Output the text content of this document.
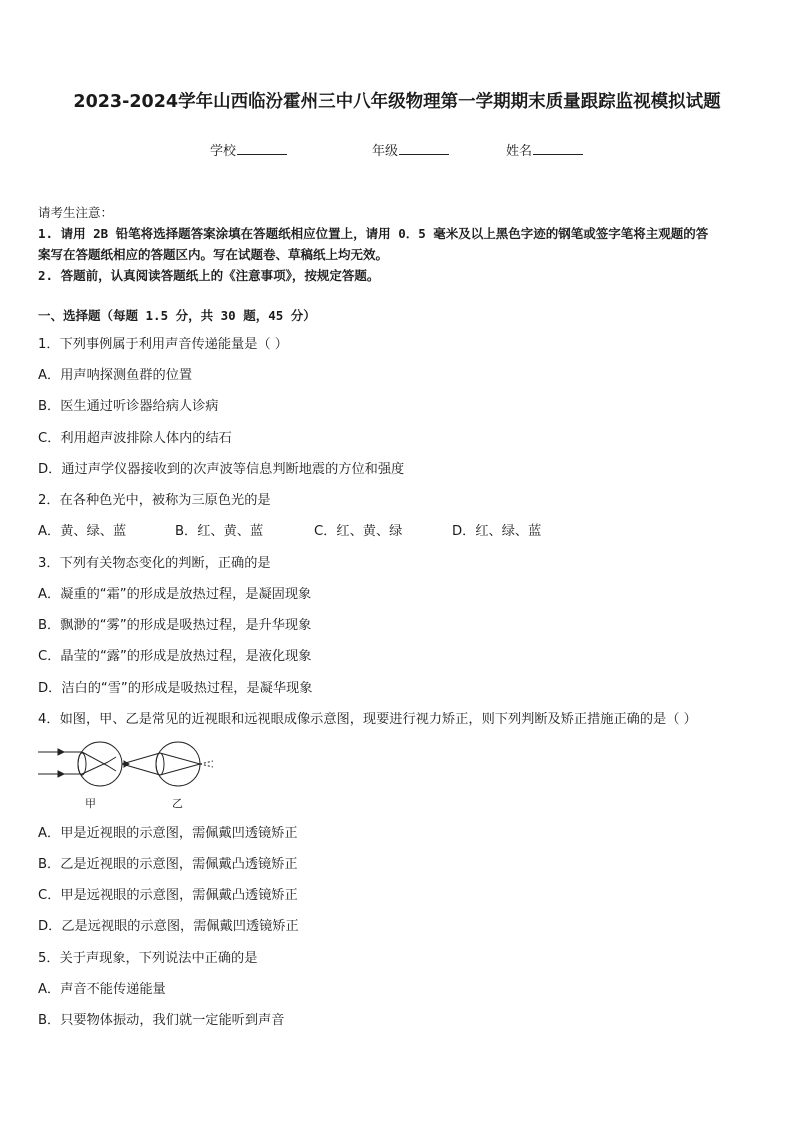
2023-2024学年山西临汾霍州三中八年级物理第一学期期末质量跟踪监视模拟试题
学校	年级	姓名
请考生注意：
1. 请用 2B 铅笔将选择题答案涂填在答题纸相应位置上，请用 0．5 毫米及以上黑色字迹的钢笔或签字笔将主观题的答
案写在答题纸相应的答题区内。写在试题卷、草稿纸上均无效。
2. 答题前，认真阅读答题纸上的《注意事项》，按规定答题。
一、选择题（每题 1.5 分，共 30 题，45 分）
1．下列事例属于利用声音传递能量是（ ）
A．用声呐探测鱼群的位置
B．医生通过听诊器给病人诊病
C．利用超声波排除人体内的结石
D．通过声学仪器接收到的次声波等信息判断地震的方位和强度
2．在各种色光中，被称为三原色光的是
A．黄、绿、蓝	B．红、黄、蓝	C．红、黄、绿	D．红、绿、蓝
3．下列有关物态变化的判断，正确的是
A．凝重的“霜”的形成是放热过程，是凝固现象
B．飘渺的“雾”的形成是吸热过程，是升华现象
C．晶莹的“露”的形成是放热过程，是液化现象
D．洁白的“雪”的形成是吸热过程，是凝华现象
4．如图，甲、乙是常见的近视眼和远视眼成像示意图，现要进行视力矫正，则下列判断及矫正措施正确的是（ ）
甲	乙
A．甲是近视眼的示意图，需佩戴凹透镜矫正
B．乙是近视眼的示意图，需佩戴凸透镜矫正
C．甲是远视眼的示意图，需佩戴凸透镜矫正
D．乙是远视眼的示意图，需佩戴凹透镜矫正
5．关于声现象，下列说法中正确的是
A．声音不能传递能量
B．只要物体振动，我们就一定能听到声音
